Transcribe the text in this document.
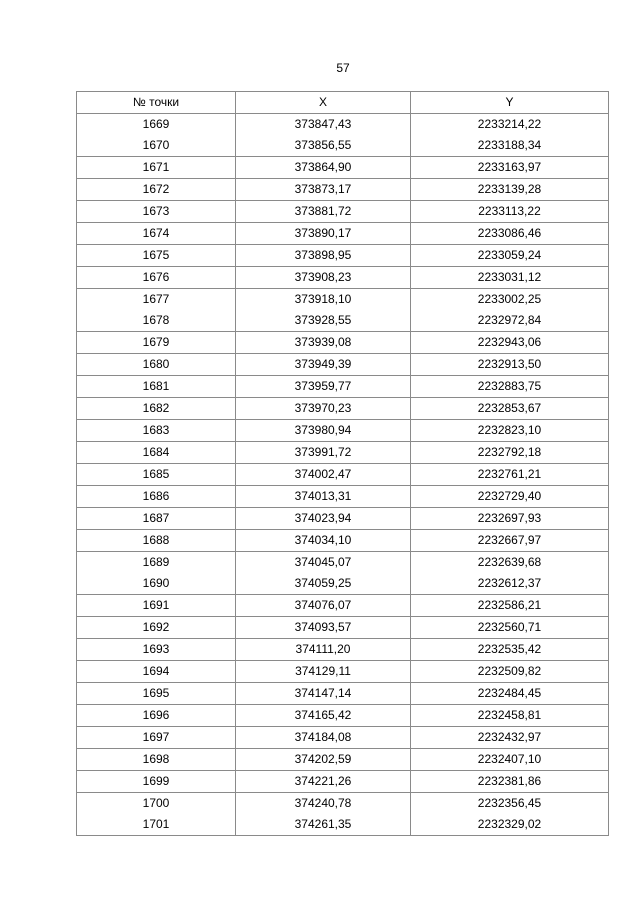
57
№ точки	X	Y
1669	373847,43	2233214,22
1670	373856,55	2233188,34
1671	373864,90	2233163,97
1672	373873,17	2233139,28
1673	373881,72	2233113,22
1674	373890,17	2233086,46
1675	373898,95	2233059,24
1676	373908,23	2233031,12
1677	373918,10	2233002,25
1678	373928,55	2232972,84
1679	373939,08	2232943,06
1680	373949,39	2232913,50
1681	373959,77	2232883,75
1682	373970,23	2232853,67
1683	373980,94	2232823,10
1684	373991,72	2232792,18
1685	374002,47	2232761,21
1686	374013,31	2232729,40
1687	374023,94	2232697,93
1688	374034,10	2232667,97
1689	374045,07	2232639,68
1690	374059,25	2232612,37
1691	374076,07	2232586,21
1692	374093,57	2232560,71
1693	374111,20	2232535,42
1694	374129,11	2232509,82
1695	374147,14	2232484,45
1696	374165,42	2232458,81
1697	374184,08	2232432,97
1698	374202,59	2232407,10
1699	374221,26	2232381,86
1700	374240,78	2232356,45
1701	374261,35	2232329,02
